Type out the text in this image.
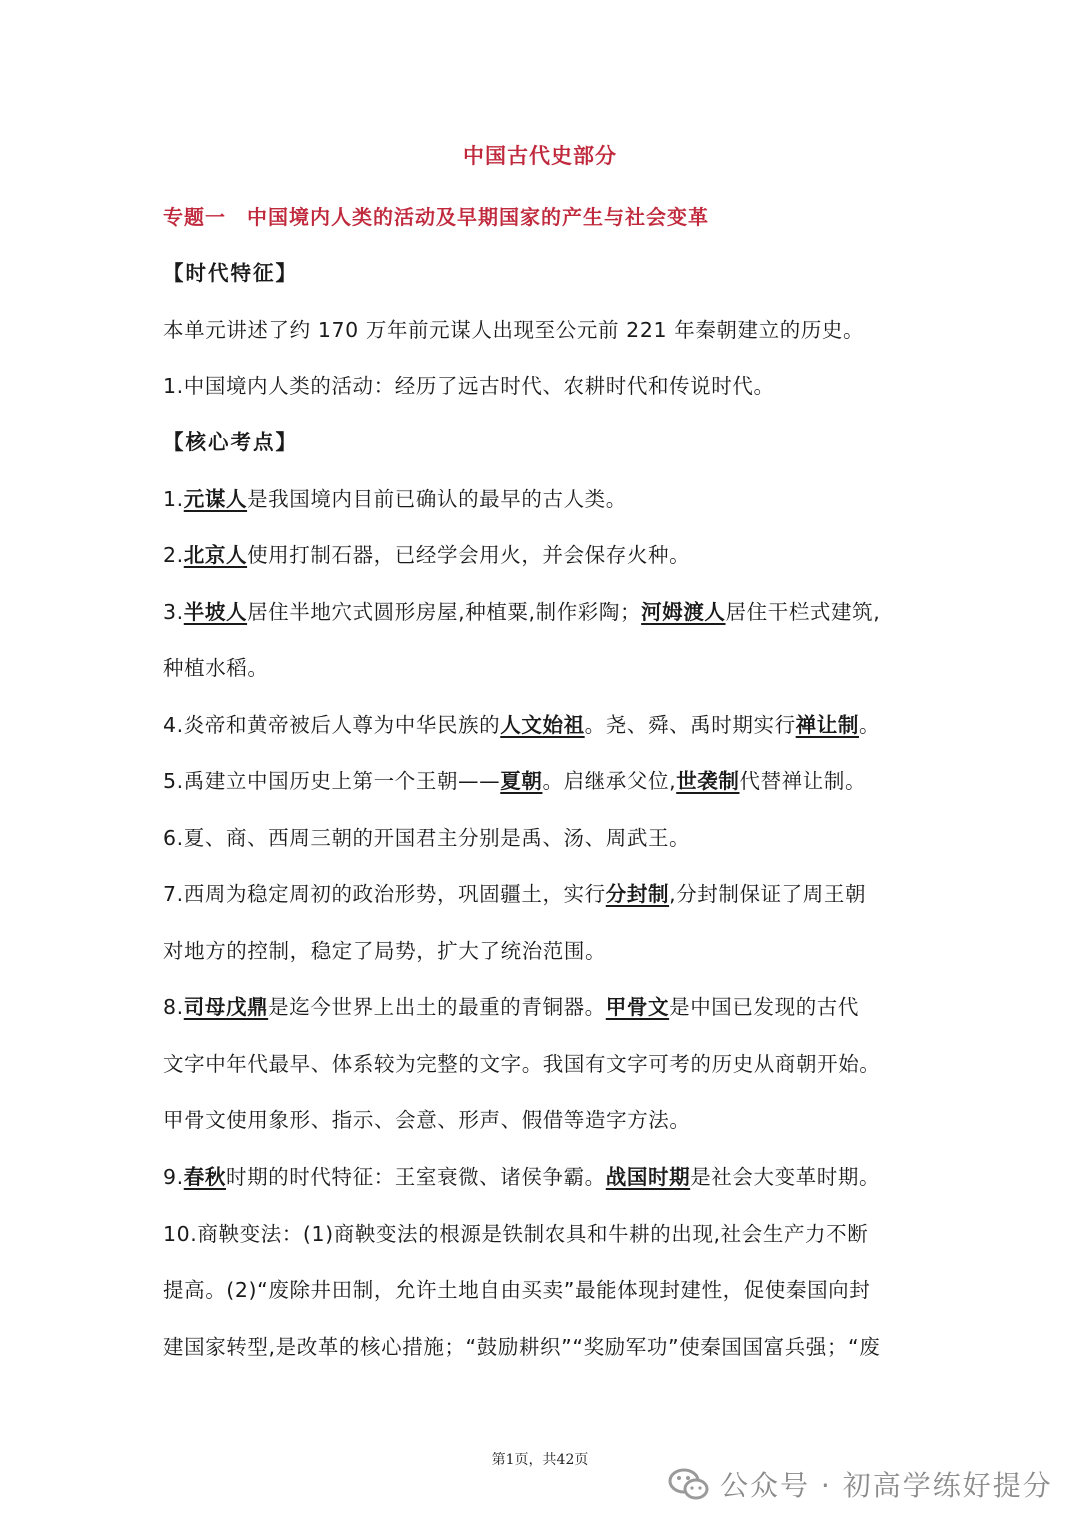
中国古代史部分
专题一　中国境内人类的活动及早期国家的产生与社会变革
【时代特征】
本单元讲述了约 170 万年前元谋人出现至公元前 221 年秦朝建立的历史。
1.中国境内人类的活动：经历了远古时代、农耕时代和传说时代。
【核心考点】
1.元谋人是我国境内目前已确认的最早的古人类。
2.北京人使用打制石器，已经学会用火，并会保存火种。
3.半坡人居住半地穴式圆形房屋,种植粟,制作彩陶；河姆渡人居住干栏式建筑,
种植水稻。
4.炎帝和黄帝被后人尊为中华民族的人文始祖。尧、舜、禹时期实行禅让制。
5.禹建立中国历史上第一个王朝——夏朝。启继承父位,世袭制代替禅让制。
6.夏、商、西周三朝的开国君主分别是禹、汤、周武王。
7.西周为稳定周初的政治形势，巩固疆土，实行分封制,分封制保证了周王朝
对地方的控制，稳定了局势，扩大了统治范围。
8.司母戊鼎是迄今世界上出土的最重的青铜器。甲骨文是中国已发现的古代
文字中年代最早、体系较为完整的文字。我国有文字可考的历史从商朝开始。
甲骨文使用象形、指示、会意、形声、假借等造字方法。
9.春秋时期的时代特征：王室衰微、诸侯争霸。战国时期是社会大变革时期。
10.商鞅变法：(1)商鞅变法的根源是铁制农具和牛耕的出现,社会生产力不断
提高。(2)“废除井田制，允许土地自由买卖”最能体现封建性，促使秦国向封
建国家转型,是改革的核心措施；“鼓励耕织”“奖励军功”使秦国国富兵强；“废
第1页，共42页
公众号 · 初高学练好提分
